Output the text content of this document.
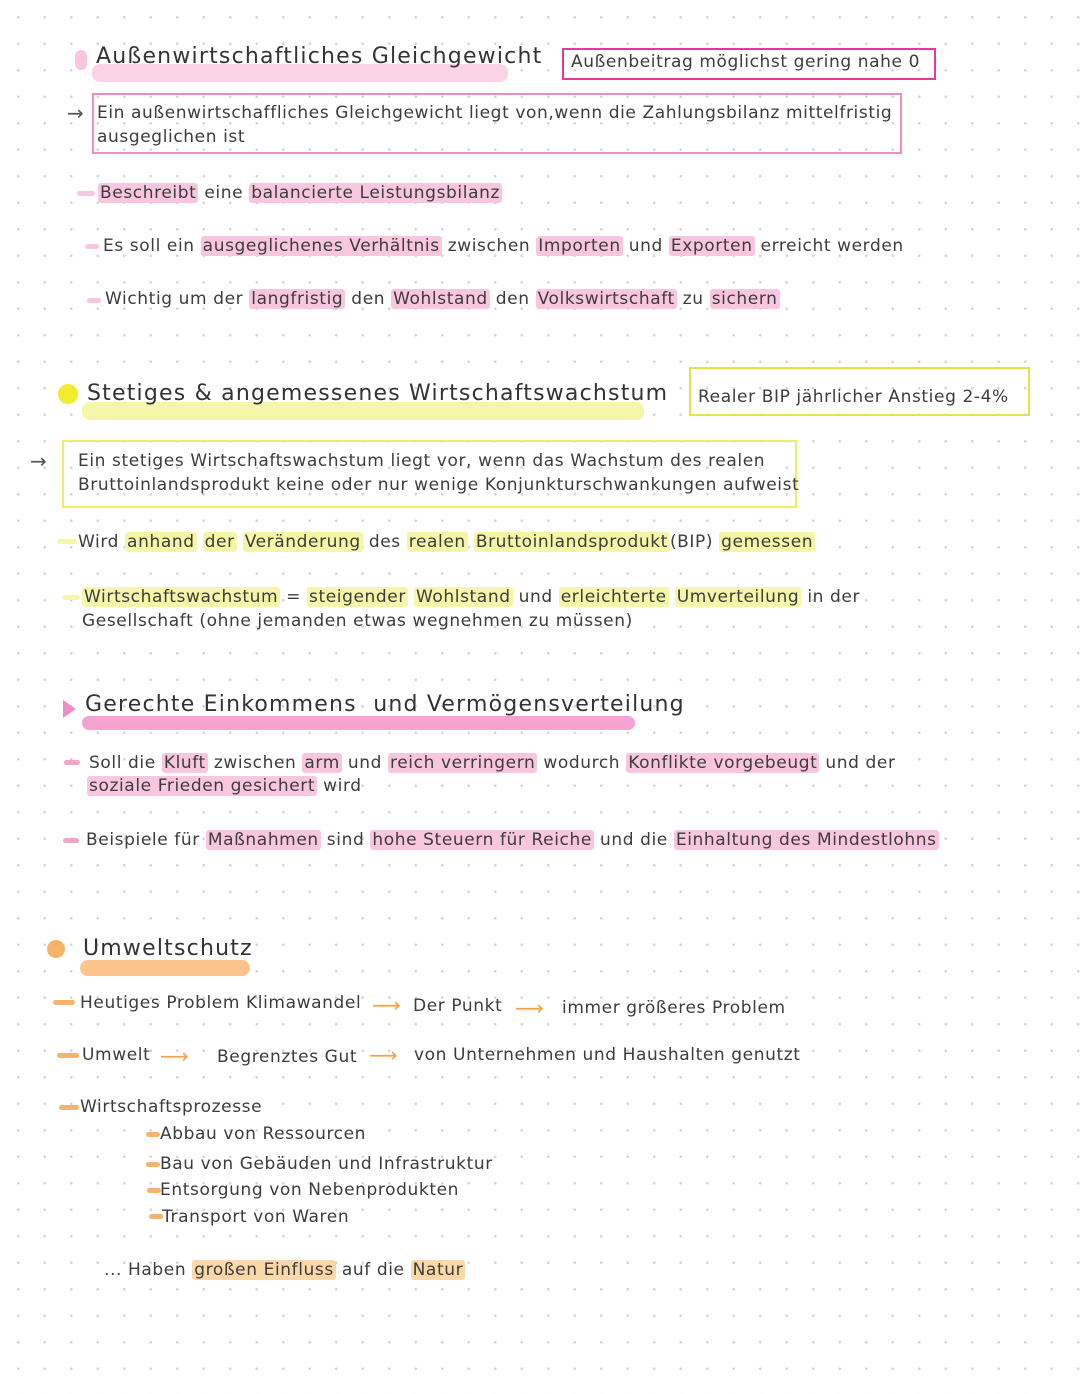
Außenwirtschaftliches Gleichgewicht Außenbeitrag möglichst gering nahe 0
→ Ein außenwirtschaffliches Gleichgewicht liegt von,wenn die Zahlungsbilanz mittelfristig
ausgeglichen ist
Beschreibt eine balancierte Leistungsbilanz
Es soll ein ausgeglichenes Verhältnis zwischen Importen und Exporten erreicht werden
Wichtig um der langfristig den Wohlstand den Volkswirtschaft zu sichern
Stetiges & angemessenes Wirtschaftswachstum Realer BIP jährlicher Anstieg 2-4%
→ Ein stetiges Wirtschaftswachstum liegt vor, wenn das Wachstum des realen
Bruttoinlandsprodukt keine oder nur wenige Konjunkturschwankungen aufweist
Wird anhand der Veränderung des realen Bruttoinlandsprodukt (BIP) gemessen
Wirtschaftswachstum = steigender Wohlstand und erleichterte Umverteilung in der
Gesellschaft (ohne jemanden etwas wegnehmen zu müssen)
Gerechte Einkommens  und Vermögensverteilung
Soll die Kluft zwischen arm und reich verringern wodurch Konflikte vorgebeugt und der
soziale Frieden gesichert wird
Beispiele für Maßnahmen sind hohe Steuern für Reiche und die Einhaltung des Mindestlohns
Umweltschutz
Heutiges Problem Klimawandel ⟶ Der Punkt ⟶ immer größeres Problem
Umwelt ⟶ Begrenztes Gut ⟶ von Unternehmen und Haushalten genutzt
Wirtschaftsprozesse
Abbau von Ressourcen
Bau von Gebäuden und Infrastruktur
Entsorgung von Nebenprodukten
Transport von Waren
... Haben großen Einfluss auf die Natur
